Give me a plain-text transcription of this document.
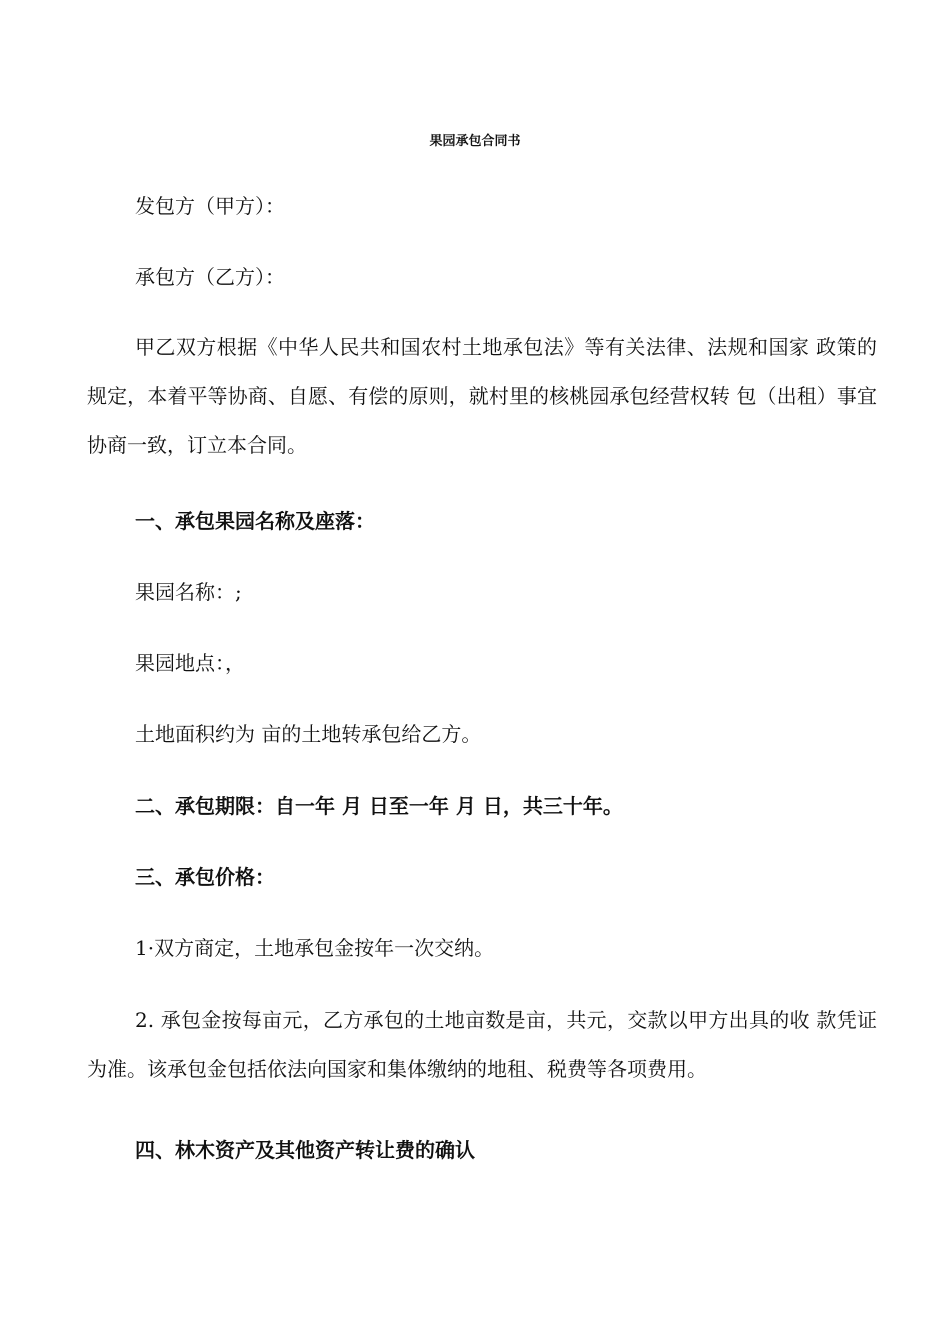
果园承包合同书
发包方（甲方）：
承包方（乙方）：
甲乙双方根据《中华人民共和国农村土地承包法》等有关法律、法规和国家 政策的规定，本着平等协商、自愿、有偿的原则，就村里的核桃园承包经营权转 包（出租）事宜协商一致，订立本合同。
一、承包果园名称及座落：
果园名称：;
果园地点：，
土地面积约为 亩的土地转承包给乙方。
二、承包期限：自一年 月 日至一年 月 日，共三十年。
三、承包价格：
1·双方商定，土地承包金按年一次交纳。
2. 承包金按每亩元，乙方承包的土地亩数是亩，共元，交款以甲方出具的收 款凭证为准。该承包金包括依法向国家和集体缴纳的地租、税费等各项费用。
四、林木资产及其他资产转让费的确认
